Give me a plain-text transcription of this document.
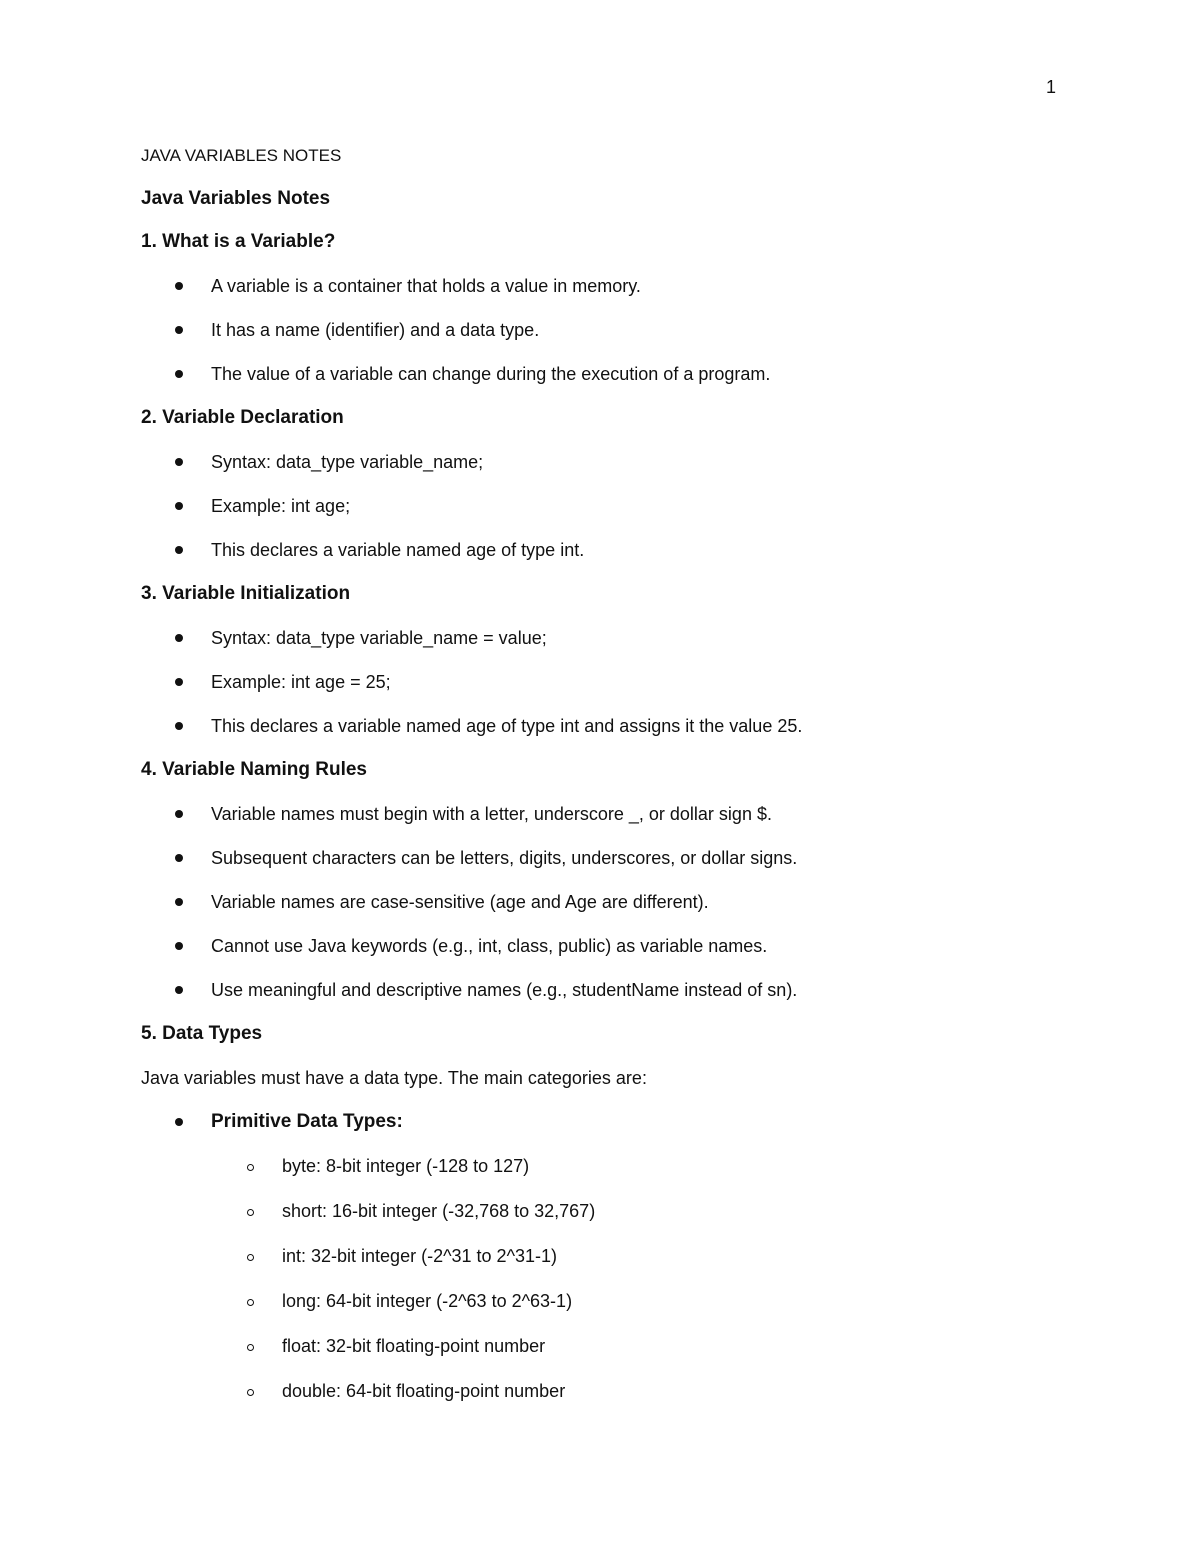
1
JAVA VARIABLES NOTES
Java Variables Notes
1. What is a Variable?
A variable is a container that holds a value in memory.
It has a name (identifier) and a data type.
The value of a variable can change during the execution of a program.
2. Variable Declaration
Syntax: data_type variable_name;
Example: int age;
This declares a variable named age of type int.
3. Variable Initialization
Syntax: data_type variable_name = value;
Example: int age = 25;
This declares a variable named age of type int and assigns it the value 25.
4. Variable Naming Rules
Variable names must begin with a letter, underscore _, or dollar sign $.
Subsequent characters can be letters, digits, underscores, or dollar signs.
Variable names are case-sensitive (age and Age are different).
Cannot use Java keywords (e.g., int, class, public) as variable names.
Use meaningful and descriptive names (e.g., studentName instead of sn).
5. Data Types
Java variables must have a data type. The main categories are:
Primitive Data Types:
byte: 8-bit integer (-128 to 127)
short: 16-bit integer (-32,768 to 32,767)
int: 32-bit integer (-2^31 to 2^31-1)
long: 64-bit integer (-2^63 to 2^63-1)
float: 32-bit floating-point number
double: 64-bit floating-point number
